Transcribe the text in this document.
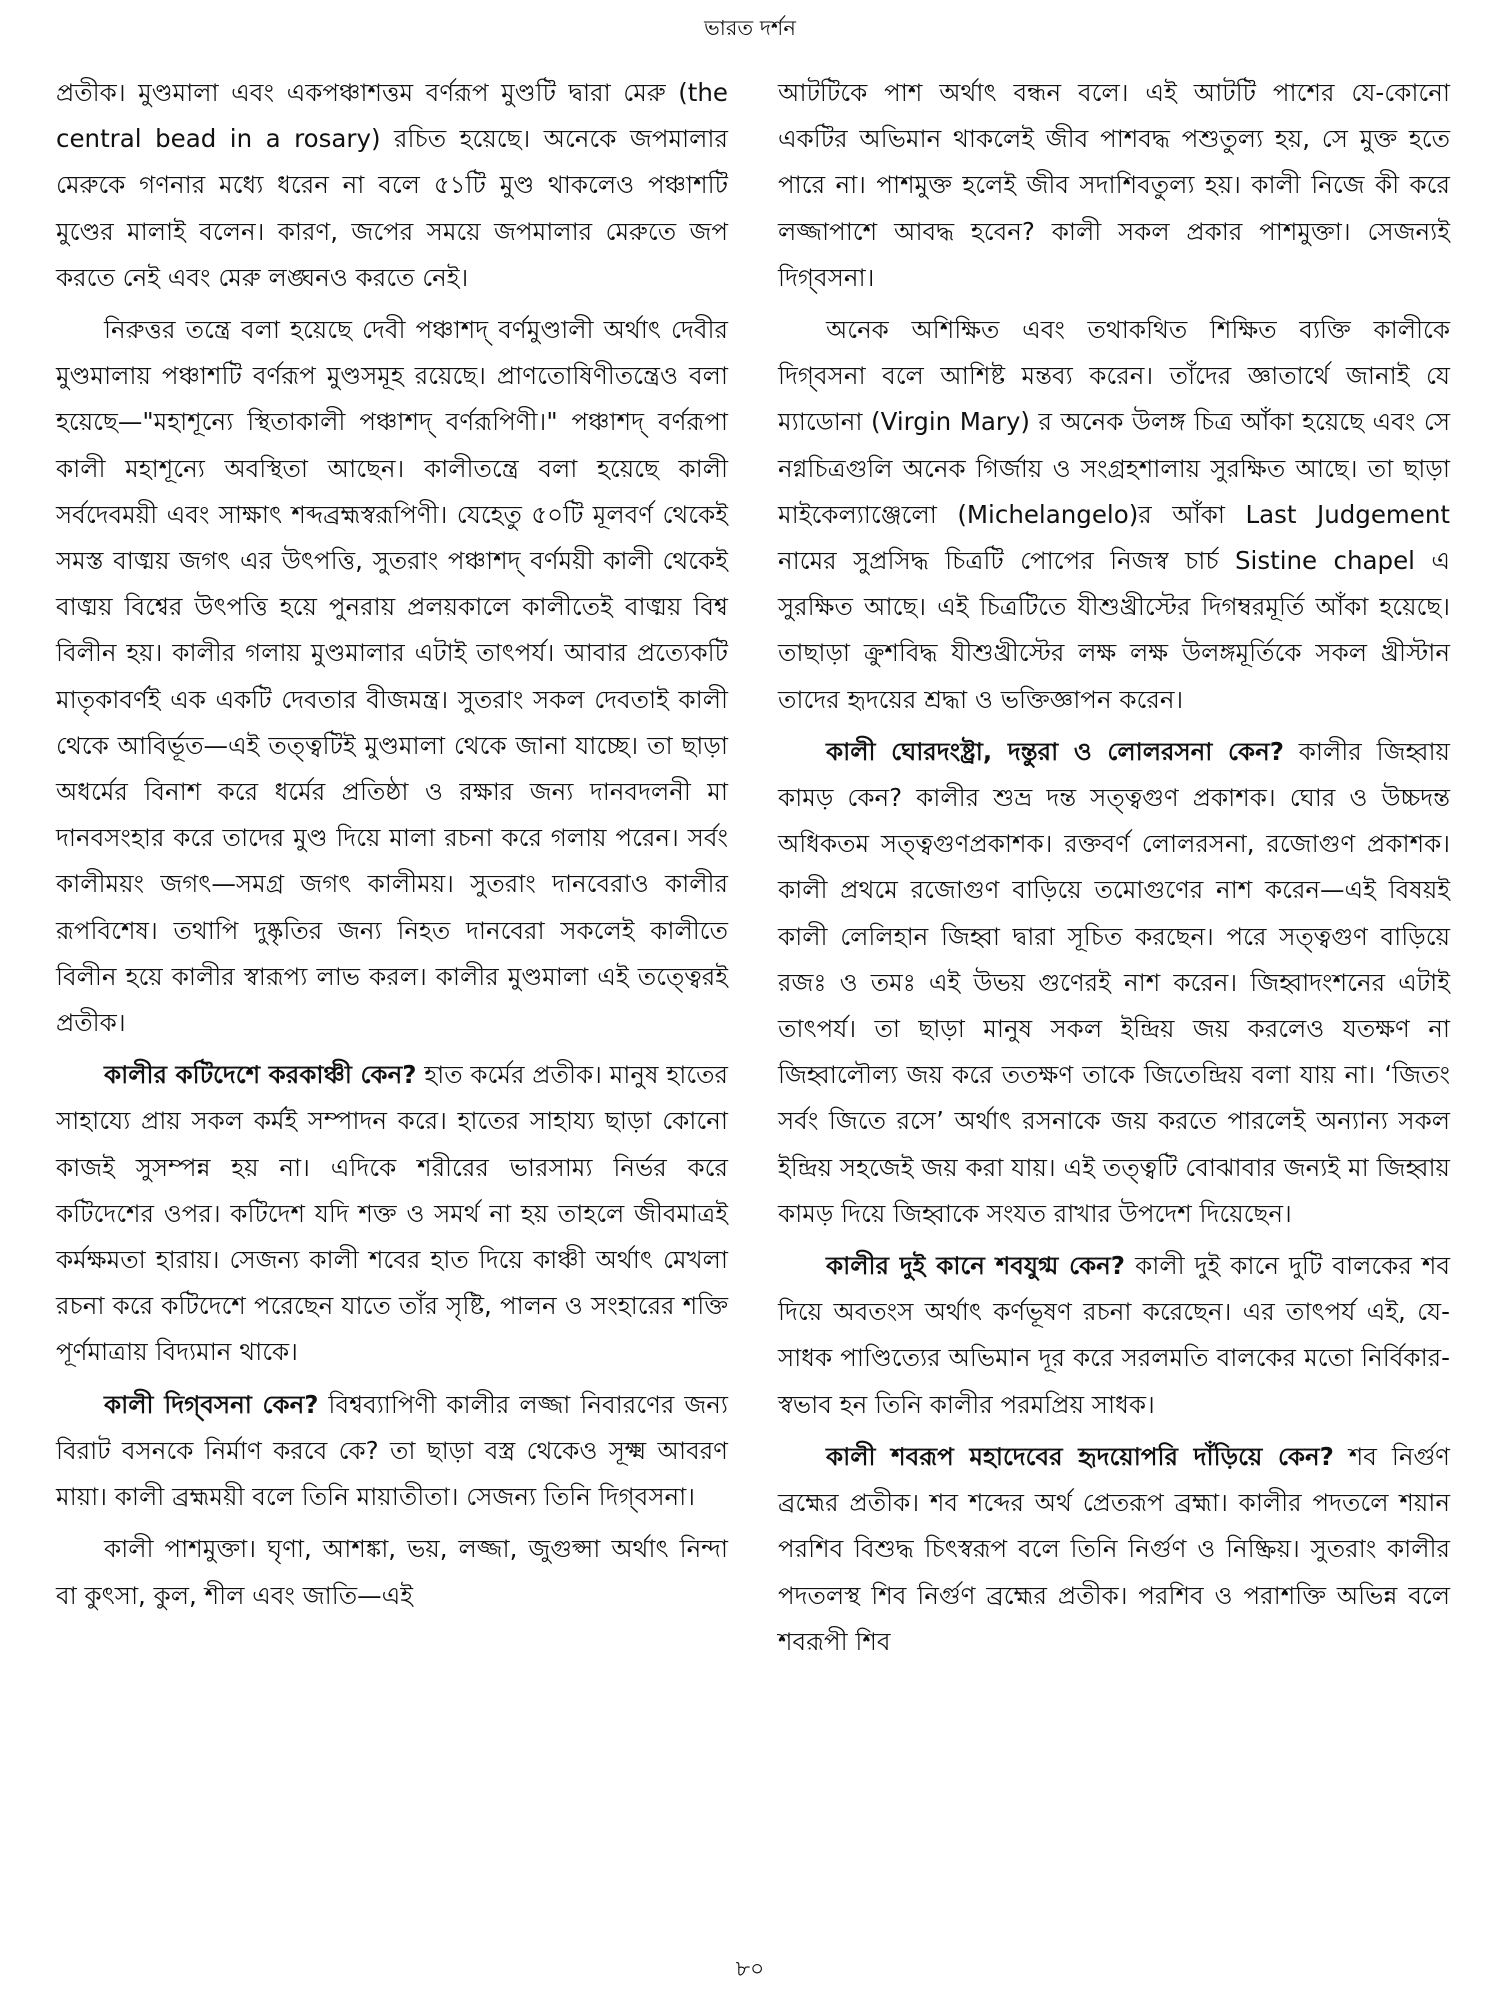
ভারত দর্শন

প্রতীক। মুণ্ডমালা এবং একপঞ্চাশত্তম বর্ণরূপ মুণ্ডটি দ্বারা মেরু (the central bead in a rosary) রচিত হয়েছে। অনেকে জপমালার মেরুকে গণনার মধ্যে ধরেন না বলে ৫১টি মুণ্ড থাকলেও পঞ্চাশটি মুণ্ডের মালাই বলেন। কারণ, জপের সময়ে জপমালার মেরুতে জপ করতে নেই এবং মেরু লঙ্ঘনও করতে নেই।

নিরুত্তর তন্ত্রে বলা হয়েছে দেবী পঞ্চাশদ্ বর্ণমুণ্ডালী অর্থাৎ দেবীর মুণ্ডমালায় পঞ্চাশটি বর্ণরূপ মুণ্ডসমূহ রয়েছে। প্রাণতোষিণীতন্ত্রেও বলা হয়েছে—"মহাশূন্যে স্থিতাকালী পঞ্চাশদ্ বর্ণরূপিণী।" পঞ্চাশদ্ বর্ণরূপা কালী মহাশূন্যে অবস্থিতা আছেন। কালীতন্ত্রে বলা হয়েছে কালী সর্বদেবময়ী এবং সাক্ষাৎ শব্দব্রহ্মস্বরূপিণী। যেহেতু ৫০টি মূলবর্ণ থেকেই সমস্ত বাঙ্ময় জগৎ এর উৎপত্তি, সুতরাং পঞ্চাশদ্ বর্ণময়ী কালী থেকেই বাঙ্ময় বিশ্বের উৎপত্তি হয়ে পুনরায় প্রলয়কালে কালীতেই বাঙ্ময় বিশ্ব বিলীন হয়। কালীর গলায় মুণ্ডমালার এটাই তাৎপর্য। আবার প্রত্যেকটি মাতৃকাবর্ণই এক একটি দেবতার বীজমন্ত্র। সুতরাং সকল দেবতাই কালী থেকে আবির্ভূত—এই তত্ত্বটিই মুণ্ডমালা থেকে জানা যাচ্ছে। তা ছাড়া অধর্মের বিনাশ করে ধর্মের প্রতিষ্ঠা ও রক্ষার জন্য দানবদলনী মা দানবসংহার করে তাদের মুণ্ড দিয়ে মালা রচনা করে গলায় পরেন। সর্বং কালীময়ং জগৎ—সমগ্র জগৎ কালীময়। সুতরাং দানবেরাও কালীর রূপবিশেষ। তথাপি দুষ্কৃতির জন্য নিহত দানবেরা সকলেই কালীতে বিলীন হয়ে কালীর স্বারূপ্য লাভ করল। কালীর মুণ্ডমালা এই তত্ত্বেরই প্রতীক।

কালীর কটিদেশে করকাঞ্চী কেন? হাত কর্মের প্রতীক। মানুষ হাতের সাহায্যে প্রায় সকল কর্মই সম্পাদন করে। হাতের সাহায্য ছাড়া কোনো কাজই সুসম্পন্ন হয় না। এদিকে শরীরের ভারসাম্য নির্ভর করে কটিদেশের ওপর। কটিদেশ যদি শক্ত ও সমর্থ না হয় তাহলে জীবমাত্রই কর্মক্ষমতা হারায়। সেজন্য কালী শবের হাত দিয়ে কাঞ্চী অর্থাৎ মেখলা রচনা করে কটিদেশে পরেছেন যাতে তাঁর সৃষ্টি, পালন ও সংহারের শক্তি পূর্ণমাত্রায় বিদ্যমান থাকে।

কালী দিগ্‌বসনা কেন? বিশ্বব্যাপিণী কালীর লজ্জা নিবারণের জন্য বিরাট বসনকে নির্মাণ করবে কে? তা ছাড়া বস্ত্র থেকেও সূক্ষ্ম আবরণ মায়া। কালী ব্রহ্মময়ী বলে তিনি মায়াতীতা। সেজন্য তিনি দিগ্‌বসনা।

কালী পাশমুক্তা। ঘৃণা, আশঙ্কা, ভয়, লজ্জা, জুগুপ্সা অর্থাৎ নিন্দা বা কুৎসা, কুল, শীল এবং জাতি—এই

আটটিকে পাশ অর্থাৎ বন্ধন বলে। এই আটটি পাশের যে-কোনো একটির অভিমান থাকলেই জীব পাশবদ্ধ পশুতুল্য হয়, সে মুক্ত হতে পারে না। পাশমুক্ত হলেই জীব সদাশিবতুল্য হয়। কালী নিজে কী করে লজ্জাপাশে আবদ্ধ হবেন? কালী সকল প্রকার পাশমুক্তা। সেজন্যই দিগ্‌বসনা।

অনেক অশিক্ষিত এবং তথাকথিত শিক্ষিত ব্যক্তি কালীকে দিগ্‌বসনা বলে আশিষ্ট মন্তব্য করেন। তাঁদের জ্ঞাতার্থে জানাই যে ম্যাডোনা (Virgin Mary) র অনেক উলঙ্গ চিত্র আঁকা হয়েছে এবং সে নগ্নচিত্রগুলি অনেক গির্জায় ও সংগ্রহশালায় সুরক্ষিত আছে। তা ছাড়া মাইকেল্যাঞ্জেলো (Michelangelo)র আঁকা Last Judgement নামের সুপ্রসিদ্ধ চিত্রটি পোপের নিজস্ব চার্চ Sistine chapel এ সুরক্ষিত আছে। এই চিত্রটিতে যীশুখ্রীস্টের দিগম্বরমূর্তি আঁকা হয়েছে। তাছাড়া ক্রুশবিদ্ধ যীশুখ্রীস্টের লক্ষ লক্ষ উলঙ্গমূর্তিকে সকল খ্রীস্টান তাদের হৃদয়ের শ্রদ্ধা ও ভক্তিজ্ঞাপন করেন।

কালী ঘোরদংষ্ট্রা, দন্তুরা ও লোলরসনা কেন? কালীর জিহ্বায় কামড় কেন? কালীর শুভ্র দন্ত সত্ত্বগুণ প্রকাশক। ঘোর ও উচ্চদন্ত অধিকতম সত্ত্বগুণপ্রকাশক। রক্তবর্ণ লোলরসনা, রজোগুণ প্রকাশক। কালী প্রথমে রজোগুণ বাড়িয়ে তমোগুণের নাশ করেন—এই বিষয়ই কালী লেলিহান জিহ্বা দ্বারা সূচিত করছেন। পরে সত্ত্বগুণ বাড়িয়ে রজঃ ও তমঃ এই উভয় গুণেরই নাশ করেন। জিহ্বাদংশনের এটাই তাৎপর্য। তা ছাড়া মানুষ সকল ইন্দ্রিয় জয় করলেও যতক্ষণ না জিহ্বালৌল্য জয় করে ততক্ষণ তাকে জিতেন্দ্রিয় বলা যায় না। ‘জিতং সর্বং জিতে রসে’ অর্থাৎ রসনাকে জয় করতে পারলেই অন্যান্য সকল ইন্দ্রিয় সহজেই জয় করা যায়। এই তত্ত্বটি বোঝাবার জন্যই মা জিহ্বায় কামড় দিয়ে জিহ্বাকে সংযত রাখার উপদেশ দিয়েছেন।

কালীর দুই কানে শবযুগ্ম কেন? কালী দুই কানে দুটি বালকের শব দিয়ে অবতংস অর্থাৎ কর্ণভূষণ রচনা করেছেন। এর তাৎপর্য এই, যে-সাধক পাণ্ডিত্যের অভিমান দূর করে সরলমতি বালকের মতো নির্বিকার-স্বভাব হন তিনি কালীর পরমপ্রিয় সাধক।

কালী শবরূপ মহাদেবের হৃদয়োপরি দাঁড়িয়ে কেন? শব নির্গুণ ব্রহ্মের প্রতীক। শব শব্দের অর্থ প্রেতরূপ ব্রহ্মা। কালীর পদতলে শয়ান পরশিব বিশুদ্ধ চিৎস্বরূপ বলে তিনি নির্গুণ ও নিষ্ক্রিয়। সুতরাং কালীর পদতলস্থ শিব নির্গুণ ব্রহ্মের প্রতীক। পরশিব ও পরাশক্তি অভিন্ন বলে শবরূপী শিব

৮০
